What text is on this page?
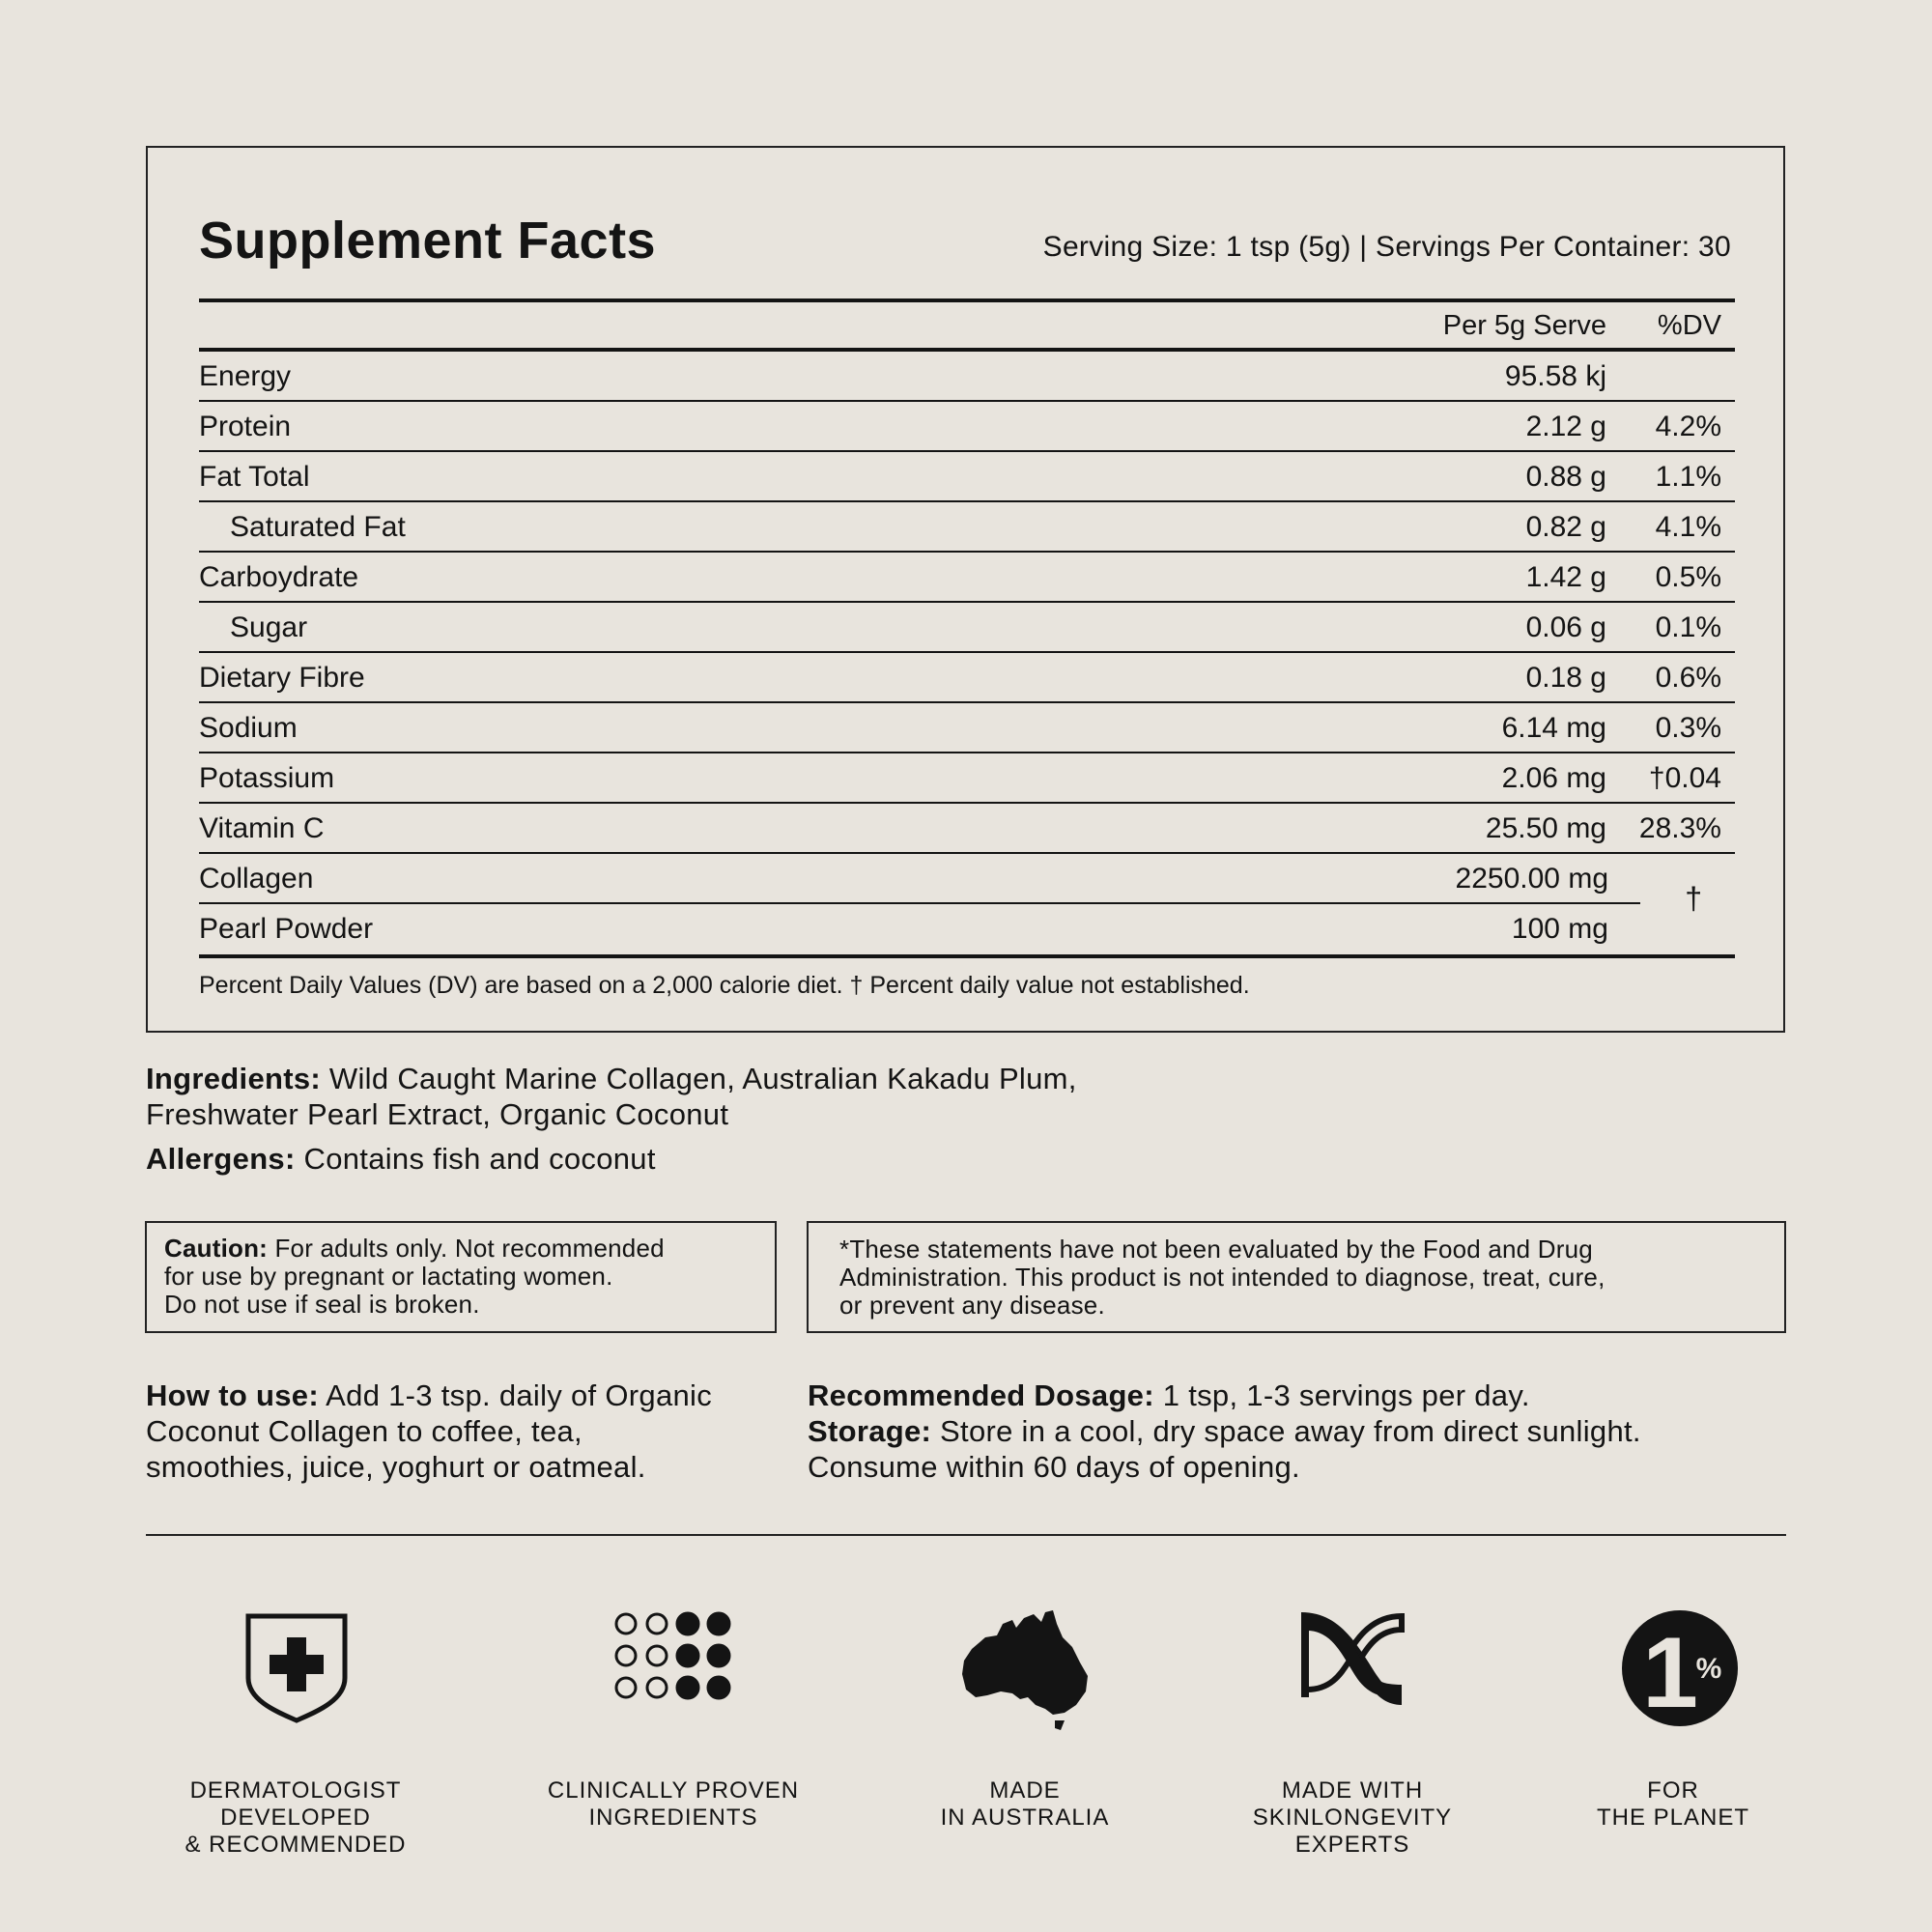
Supplement Facts	Serving Size: 1 tsp (5g) | Servings Per Container: 30
Per 5g Serve %DV
Energy	95.58 kj
Protein	2.12 g 4.2%
Fat Total	0.88 g 1.1%
Saturated Fat	0.82 g 4.1%
Carboydrate	1.42 g 0.5%
Sugar	0.06 g 0.1%
Dietary Fibre	0.18 g 0.6%
Sodium	6.14 mg 0.3%
Potassium	2.06 mg †0.04
Vitamin C	25.50 mg 28.3%
Collagen	2250.00 mg
Pearl Powder	100 mg
†
Percent Daily Values (DV) are based on a 2,000 calorie diet. † Percent daily value not established.
Ingredients: Wild Caught Marine Collagen, Australian Kakadu Plum,
Freshwater Pearl Extract, Organic Coconut
Allergens: Contains fish and coconut
Caution: For adults only. Not recommended
for use by pregnant or lactating women.
Do not use if seal is broken.
*These statements have not been evaluated by the Food and Drug
Administration. This product is not intended to diagnose, treat, cure,
or prevent any disease.
How to use: Add 1-3 tsp. daily of Organic
Coconut Collagen to coffee, tea,
smoothies, juice, yoghurt or oatmeal.
Recommended Dosage: 1 tsp, 1-3 servings per day.
Storage: Store in a cool, dry space away from direct sunlight.
Consume within 60 days of opening.
DERMATOLOGIST
DEVELOPED
& RECOMMENDED
CLINICALLY PROVEN
INGREDIENTS
MADE
IN AUSTRALIA
MADE WITH
SKINLONGEVITY
EXPERTS
1
%
FOR
THE PLANET
